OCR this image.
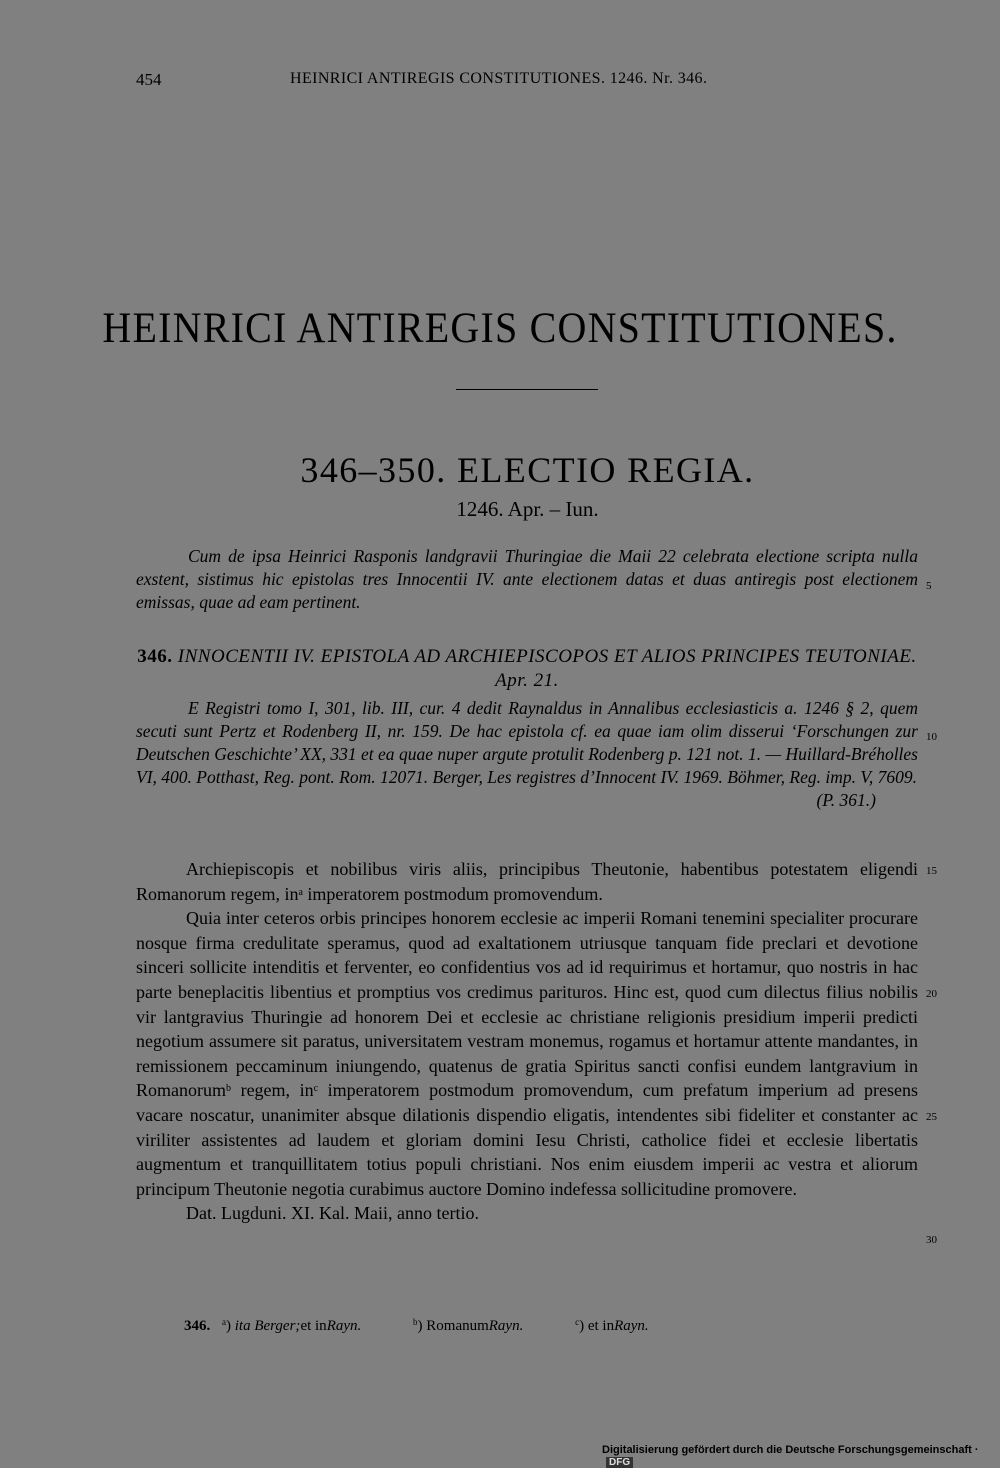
454	HEINRICI ANTIREGIS CONSTITUTIONES. 1246. Nr. 346.
HEINRICI ANTIREGIS CONSTITUTIONES.
346–350. ELECTIO REGIA.
1246. Apr. – Iun.
Cum de ipsa Heinrici Rasponis landgravii Thuringiae die Maii 22 celebrata electione scripta nulla exstent, sistimus hic epistolas tres Innocentii IV. ante electionem datas et duas antiregis post electionem emissas, quae ad eam pertinent.
346. INNOCENTII IV. EPISTOLA AD ARCHIEPISCOPOS ET ALIOS PRINCIPES TEUTONIAE. Apr. 21.
E Registri tomo I, 301, lib. III, cur. 4 dedit Raynaldus in Annalibus ecclesiasticis a. 1246 § 2, quem secuti sunt Pertz et Rodenberg II, nr. 159. De hac epistola cf. ea quae iam olim disserui ‘Forschungen zur Deutschen Geschichte’ XX, 331 et ea quae nuper argute protulit Rodenberg p. 121 not. 1. — Huillard-Bréholles VI, 400. Potthast, Reg. pont. Rom. 12071. Berger, Les registres d’Innocent IV. 1969. Böhmer, Reg. imp. V, 7609.
(P. 361.)

Archiepiscopis et nobilibus viris aliis, principibus Theutonie, habentibus potestatem eligendi Romanorum regem, $in^a$ imperatorem postmodum promovendum.

Quia inter ceteros orbis principes honorem ecclesie ac imperii Romani tenemini specialiter procurare nosque firma credulitate speramus, quod ad exaltationem utriusque tanquam fide preclari et devotione sinceri sollicite intenditis et ferventer, eo confidentius vos ad id requirimus et hortamur, quo nostris in hac parte beneplacitis libentius et promptius vos credimus parituros. Hinc est, quod cum dilectus filius nobilis vir lantgravius Thuringie ad honorem Dei et ecclesie ac christiane religionis presidium imperii predicti negotium assumere sit paratus, universitatem vestram monemus, rogamus et hortamur attente mandantes, in remissionem peccaminum iniungendo, quatenus de gratia Spiritus sancti confisi eundem lantgravium in Romanorum$^b$ regem, $in^c$ imperatorem postmodum promovendum, cum prefatum imperium ad presens vacare noscatur, unanimiter absque dilationis dispendio eligatis, intendentes sibi fideliter et constanter ac viriliter assistentes ad laudem et gloriam domini Iesu Christi, catholice fidei et ecclesie libertatis augmentum et tranquillitatem totius populi christiani. Nos enim eiusdem imperii ac vestra et aliorum principum Theutonie negotia curabimus auctore Domino indefessa sollicitudine promovere.

Dat. Lugduni. XI. Kal. Maii, anno tertio.

346. $^a$) ita Berger;et inRayn.	$^b$) RomanumRayn.	$^c$) et inRayn.
5
10
15
20
25
30
Digitalisierung gefördert durch die Deutsche Forschungsgemeinschaft ·DFG
